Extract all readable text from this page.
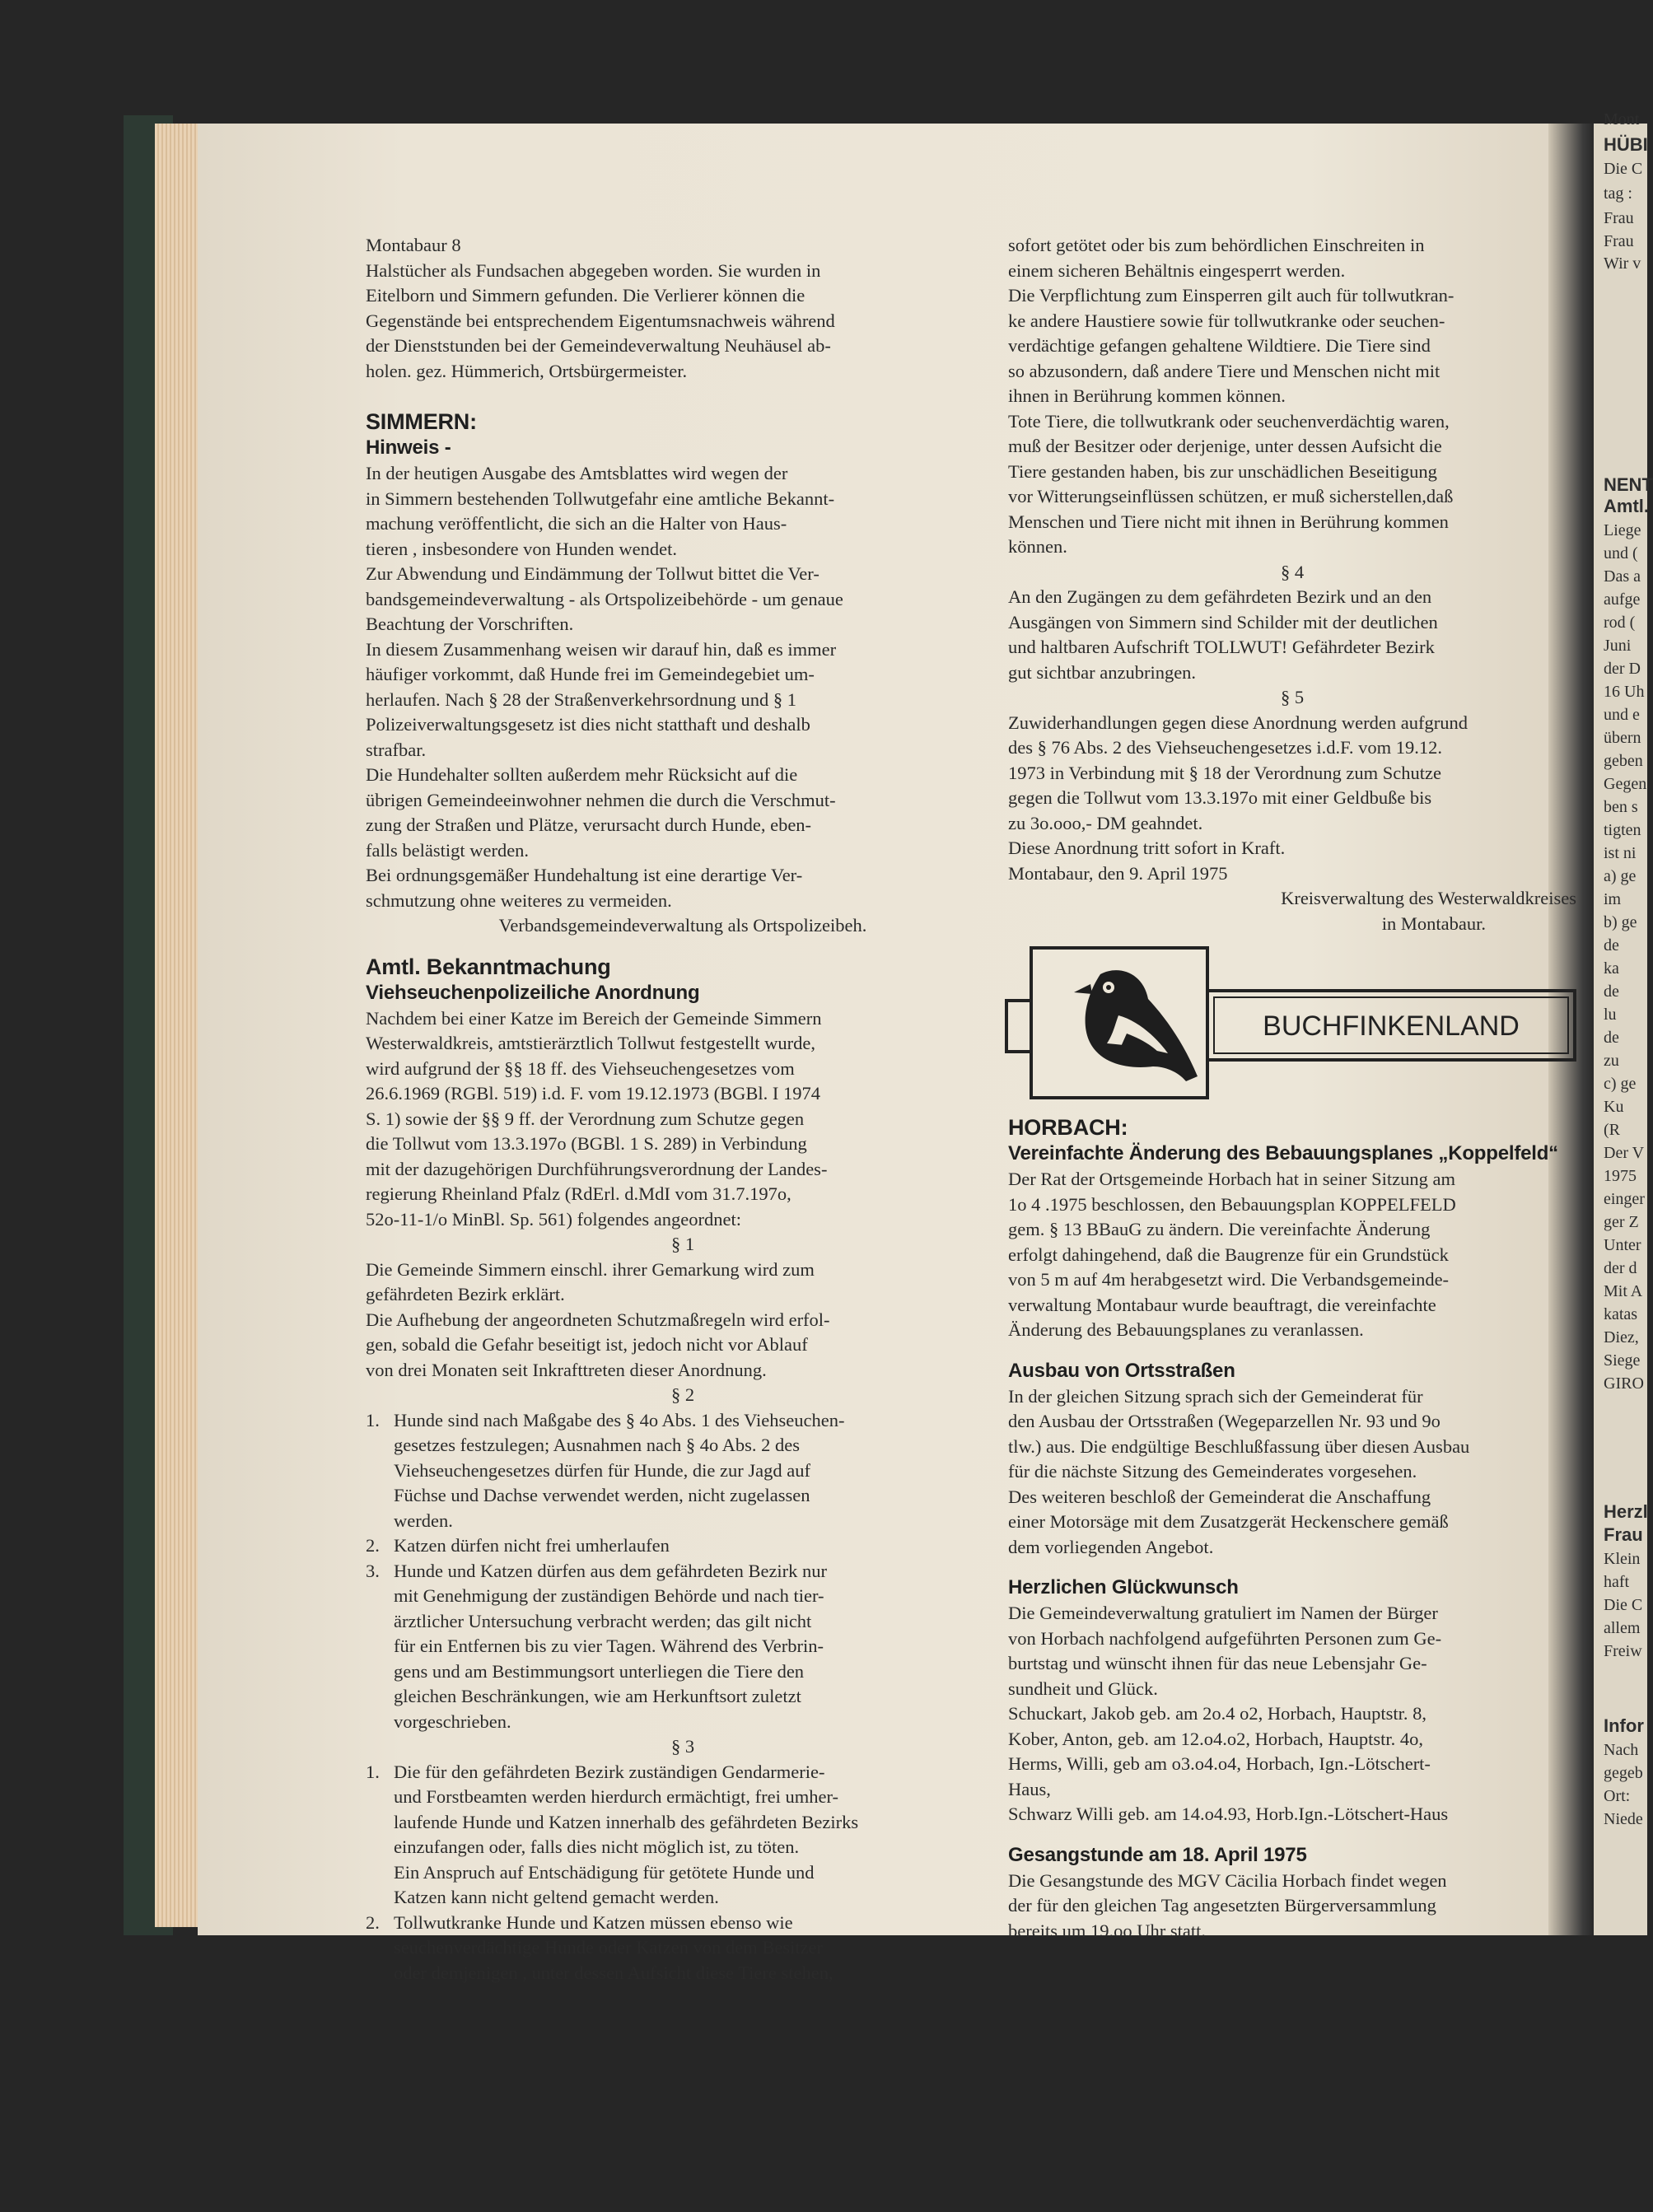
Mont
HÜBI
Die C
tag :
Frau
Frau
Wir v
NENT
Amtl.
Liege
und (
Das a
aufge
rod (
Juni
der D
16 Uh
und e
übern
geben
Gegen
ben s
tigten
ist ni
a) ge
im
b) ge
de
ka
de
lu
de
zu
c) ge
Ku
(R
Der V
1975
einger
ger Z
Unter
der d
Mit A
katas
Diez,
Siege
GIRO
Herzl
Frau
Klein
haft
Die C
allem
Freiw
Infor
Nach
gegeb
Ort:
Niede

Montabaur 8

Halstücher als Fundsachen abgegeben worden. Sie wurden in

Eitelborn und Simmern gefunden. Die Verlierer können die

Gegenstände bei entsprechendem Eigentumsnachweis während

der Dienststunden bei der Gemeindeverwaltung Neuhäusel ab-

holen. gez. Hümmerich, Ortsbürgermeister.

SIMMERN:

Hinweis -

In der heutigen Ausgabe des Amtsblattes wird wegen der

in Simmern bestehenden Tollwutgefahr eine amtliche Bekannt-

machung veröffentlicht, die sich an die Halter von Haus-

tieren , insbesondere von Hunden wendet.

Zur Abwendung und Eindämmung der Tollwut bittet die Ver-

bandsgemeindeverwaltung - als Ortspolizeibehörde - um genaue

Beachtung der Vorschriften.

In diesem Zusammenhang weisen wir darauf hin, daß es immer

häufiger vorkommt, daß Hunde frei im Gemeindegebiet um-

herlaufen. Nach § 28 der Straßenverkehrsordnung und § 1

Polizeiverwaltungsgesetz ist dies nicht statthaft und deshalb

strafbar.

Die Hundehalter sollten außerdem mehr Rücksicht auf die

übrigen Gemeindeeinwohner nehmen die durch die Verschmut-

zung der Straßen und Plätze, verursacht durch Hunde, eben-

falls belästigt werden.

Bei ordnungsgemäßer Hundehaltung ist eine derartige Ver-

schmutzung ohne weiteres zu vermeiden.

Verbandsgemeindeverwaltung als Ortspolizeibeh.

Amtl. Bekanntmachung

Viehseuchenpolizeiliche Anordnung

Nachdem bei einer Katze im Bereich der Gemeinde Simmern

Westerwaldkreis, amtstierärztlich Tollwut festgestellt wurde,

wird aufgrund der §§ 18 ff. des Viehseuchengesetzes vom

26.6.1969 (RGBl. 519) i.d. F. vom 19.12.1973 (BGBl. I 1974

S. 1) sowie der §§ 9 ff. der Verordnung zum Schutze gegen

die Tollwut vom 13.3.197o (BGBl. 1 S. 289) in Verbindung

mit der dazugehörigen Durchführungsverordnung der Landes-

regierung Rheinland Pfalz (RdErl. d.MdI vom 31.7.197o,

52o-11-1/o MinBl. Sp. 561) folgendes angeordnet:

§ 1

Die Gemeinde Simmern einschl. ihrer Gemarkung wird zum

gefährdeten Bezirk erklärt.

Die Aufhebung der angeordneten Schutzmaßregeln wird erfol-

gen, sobald die Gefahr beseitigt ist, jedoch nicht vor Ablauf

von drei Monaten seit Inkrafttreten dieser Anordnung.

§ 2

1. Hunde sind nach Maßgabe des § 4o Abs. 1 des Viehseuchen-

gesetzes festzulegen; Ausnahmen nach § 4o Abs. 2 des

Viehseuchengesetzes dürfen für Hunde, die zur Jagd auf

Füchse und Dachse verwendet werden, nicht zugelassen

werden.

2. Katzen dürfen nicht frei umherlaufen

3. Hunde und Katzen dürfen aus dem gefährdeten Bezirk nur

mit Genehmigung der zuständigen Behörde und nach tier-

ärztlicher Untersuchung verbracht werden; das gilt nicht

für ein Entfernen bis zu vier Tagen. Während des Verbrin-

gens und am Bestimmungsort unterliegen die Tiere den

gleichen Beschränkungen, wie am Herkunftsort zuletzt

vorgeschrieben.

§ 3

1. Die für den gefährdeten Bezirk zuständigen Gendarmerie-

und Forstbeamten werden hierdurch ermächtigt, frei umher-

laufende Hunde und Katzen innerhalb des gefährdeten Bezirks

einzufangen oder, falls dies nicht möglich ist, zu töten.

Ein Anspruch auf Entschädigung für getötete Hunde und

Katzen kann nicht geltend gemacht werden.

2. Tollwutkranke Hunde und Katzen müssen ebenso wie

seuchenverdächtige Hunde oder Katzen von dem Besitzer

oder demjenigen , unter dessen Aufsicht diese Tiere stehen,

sofort getötet oder bis zum behördlichen Einschreiten in

einem sicheren Behältnis eingesperrt werden.

Die Verpflichtung zum Einsperren gilt auch für tollwutkran-

ke andere Haustiere sowie für tollwutkranke oder seuchen-

verdächtige gefangen gehaltene Wildtiere. Die Tiere sind

so abzusondern, daß andere Tiere und Menschen nicht mit

ihnen in Berührung kommen können.

Tote Tiere, die tollwutkrank oder seuchenverdächtig waren,

muß der Besitzer oder derjenige, unter dessen Aufsicht die

Tiere gestanden haben, bis zur unschädlichen Beseitigung

vor Witterungseinflüssen schützen, er muß sicherstellen,daß

Menschen und Tiere nicht mit ihnen in Berührung kommen

können.

§ 4

An den Zugängen zu dem gefährdeten Bezirk und an den

Ausgängen von Simmern sind Schilder mit der deutlichen

und haltbaren Aufschrift TOLLWUT! Gefährdeter Bezirk

gut sichtbar anzubringen.

§ 5

Zuwiderhandlungen gegen diese Anordnung werden aufgrund

des § 76 Abs. 2 des Viehseuchengesetzes i.d.F. vom 19.12.

1973 in Verbindung mit § 18 der Verordnung zum Schutze

gegen die Tollwut vom 13.3.197o mit einer Geldbuße bis

zu 3o.ooo,- DM geahndet.

Diese Anordnung tritt sofort in Kraft.

Montabaur, den 9. April 1975

Kreisverwaltung des Westerwaldkreises

in Montabaur.

BUCHFINKENLAND

HORBACH:

Vereinfachte Änderung des Bebauungsplanes „Koppelfeld“

Der Rat der Ortsgemeinde Horbach hat in seiner Sitzung am

1o 4 .1975 beschlossen, den Bebauungsplan KOPPELFELD

gem. § 13 BBauG zu ändern. Die vereinfachte Änderung

erfolgt dahingehend, daß die Baugrenze für ein Grundstück

von 5 m auf 4m herabgesetzt wird. Die Verbandsgemeinde-

verwaltung Montabaur wurde beauftragt, die vereinfachte

Änderung des Bebauungsplanes zu veranlassen.

Ausbau von Ortsstraßen

In der gleichen Sitzung sprach sich der Gemeinderat für

den Ausbau der Ortsstraßen (Wegeparzellen Nr. 93 und 9o

tlw.) aus. Die endgültige Beschlußfassung über diesen Ausbau

für die nächste Sitzung des Gemeinderates vorgesehen.

Des weiteren beschloß der Gemeinderat die Anschaffung

einer Motorsäge mit dem Zusatzgerät Heckenschere gemäß

dem vorliegenden Angebot.

Herzlichen Glückwunsch

Die Gemeindeverwaltung gratuliert im Namen der Bürger

von Horbach nachfolgend aufgeführten Personen zum Ge-

burtstag und wünscht ihnen für das neue Lebensjahr Ge-

sundheit und Glück.

Schuckart, Jakob geb. am 2o.4 o2, Horbach, Hauptstr. 8,

Kober, Anton, geb. am 12.o4.o2, Horbach, Hauptstr. 4o,

Herms, Willi, geb am o3.o4.o4, Horbach, Ign.-Lötschert-

Haus,

Schwarz Willi geb. am 14.o4.93, Horb.Ign.-Lötschert-Haus

Gesangstunde am 18. April 1975

Die Gesangstunde des MGV Cäcilia Horbach findet wegen

der für den gleichen Tag angesetzten Bürgerversammlung

bereits um 19.oo Uhr statt.
